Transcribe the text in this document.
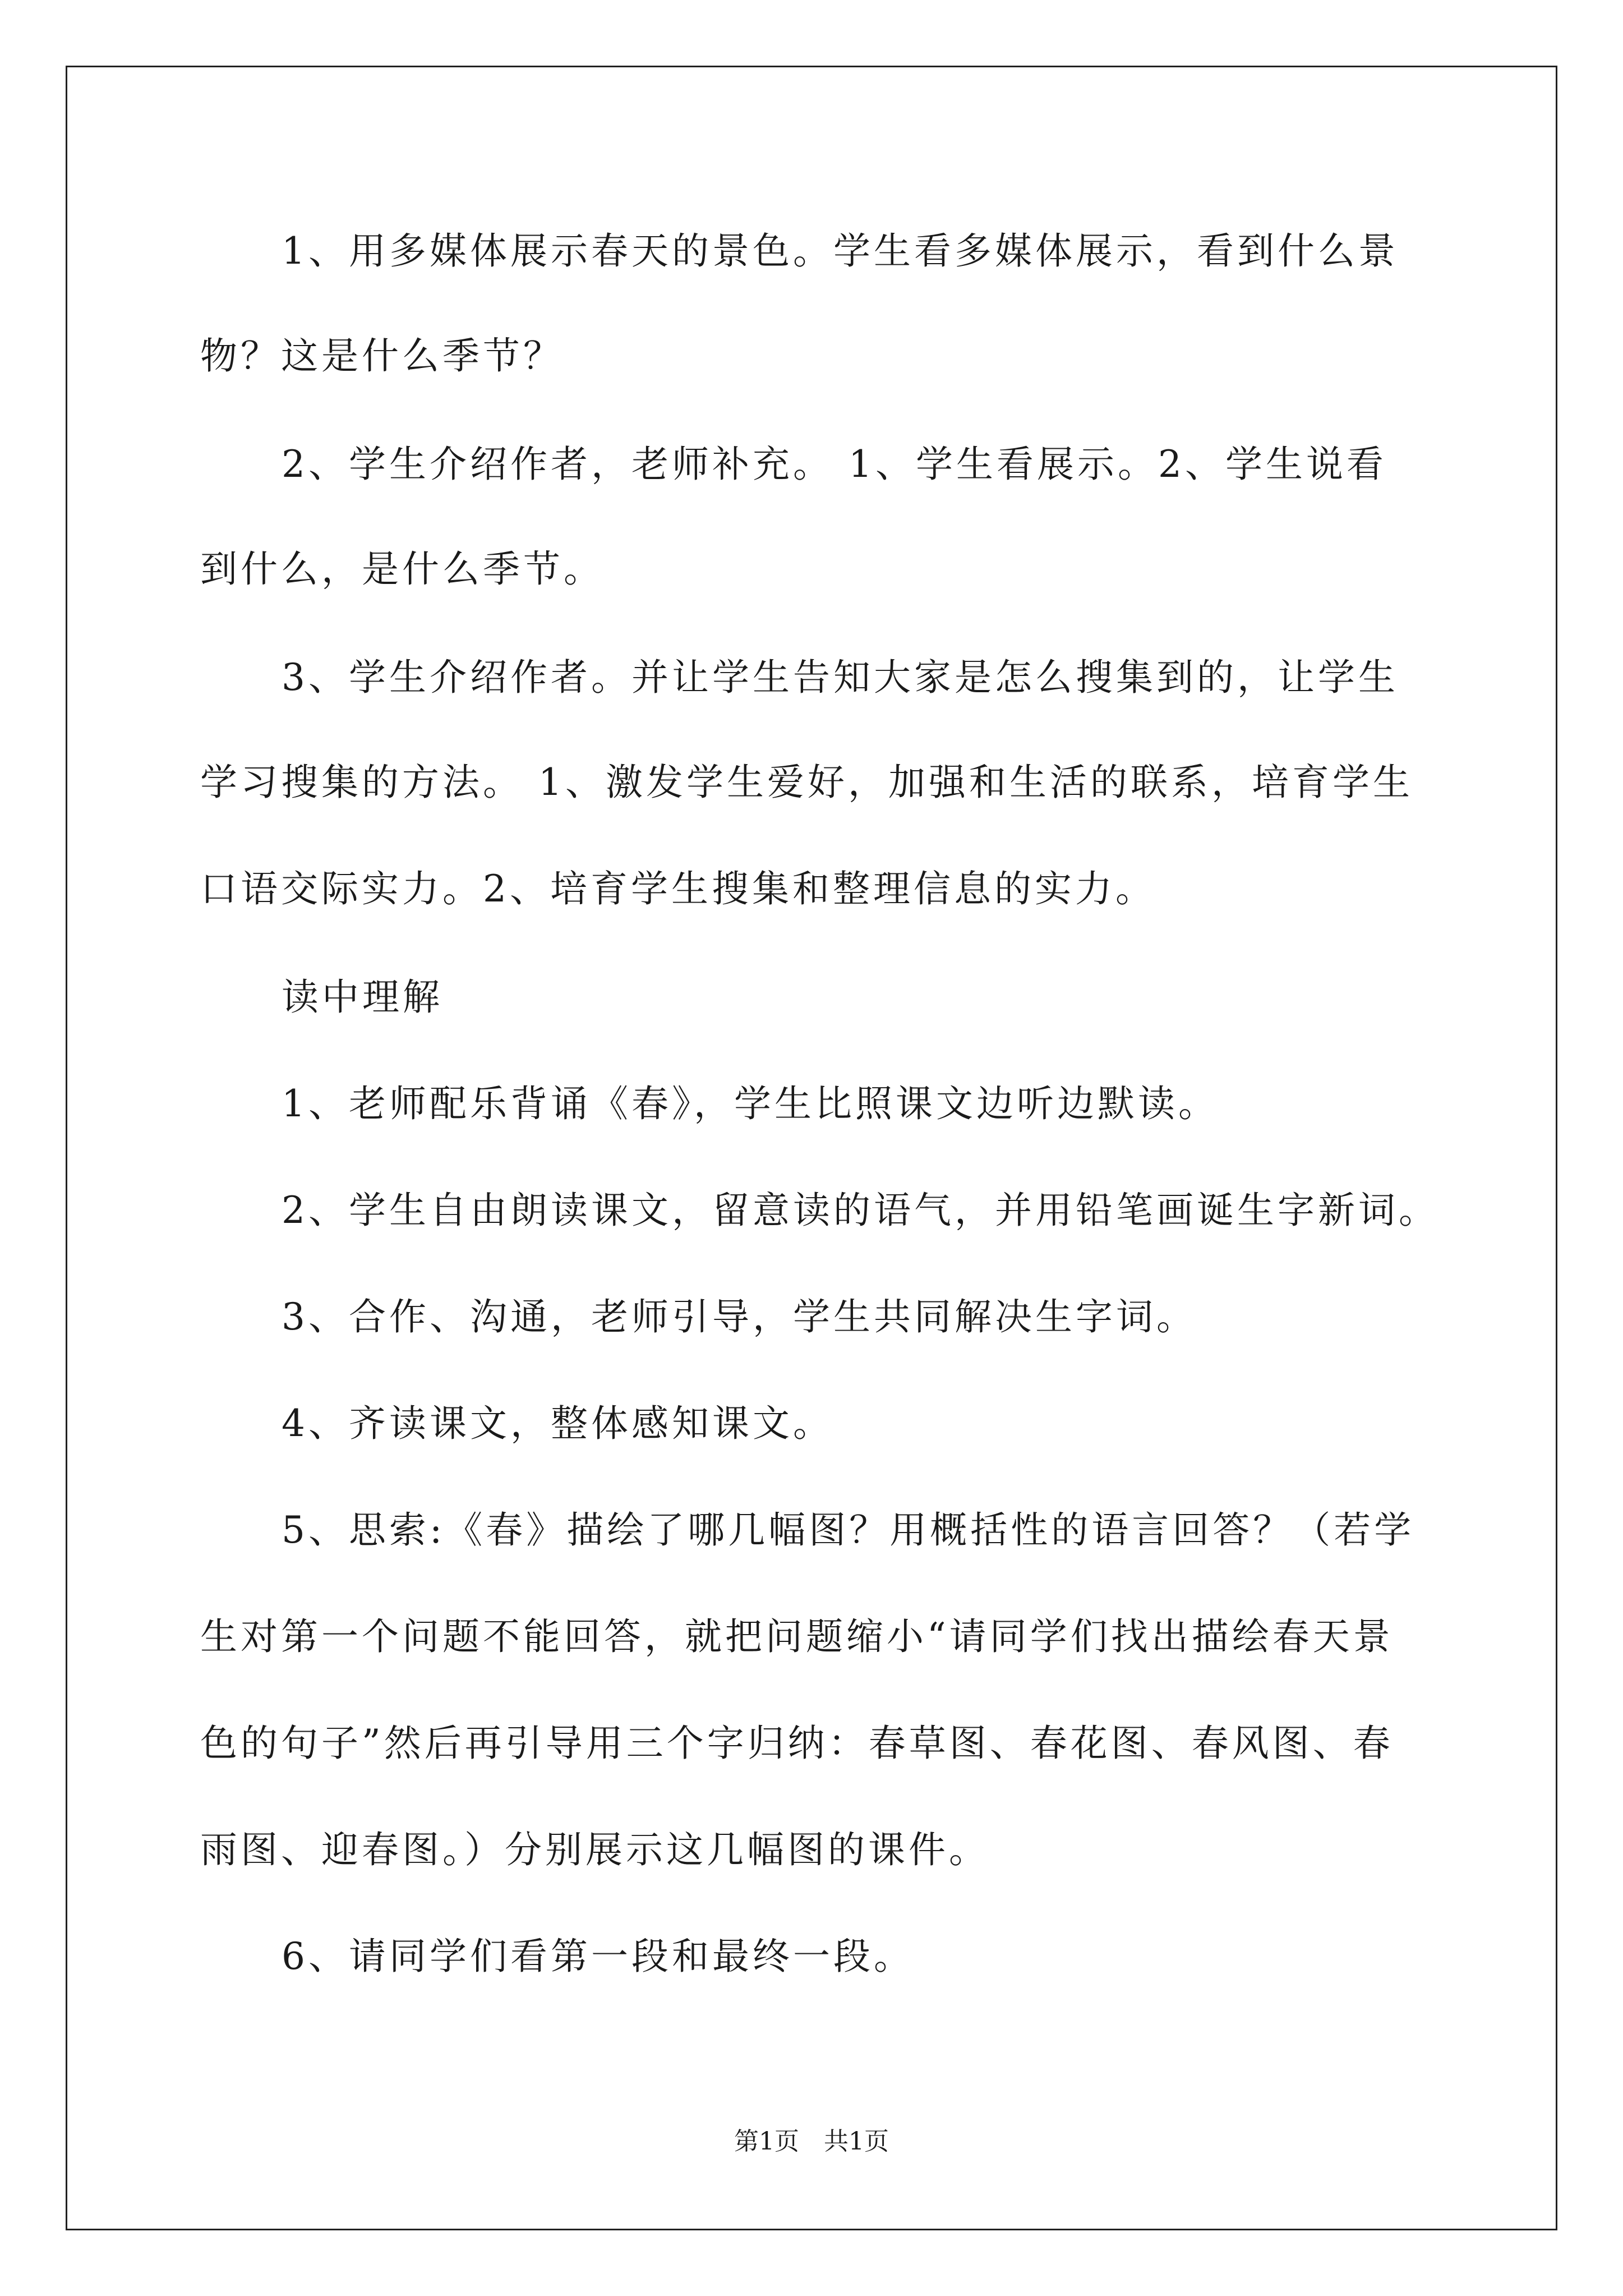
1、用多媒体展示春天的景色。学生看多媒体展示，看到什么景
物？这是什么季节？
2、学生介绍作者，老师补充。 1、学生看展示。2、学生说看
到什么，是什么季节。
3、学生介绍作者。并让学生告知大家是怎么搜集到的，让学生
学习搜集的方法。 1、激发学生爱好，加强和生活的联系，培育学生
口语交际实力。2、培育学生搜集和整理信息的实力。
读中理解
1、老师配乐背诵《春》，学生比照课文边听边默读。
2、学生自由朗读课文，留意读的语气，并用铅笔画诞生字新词。
3、合作、沟通，老师引导，学生共同解决生字词。
4、齐读课文，整体感知课文。
5、思索:《春》描绘了哪几幅图？用概括性的语言回答？（若学
生对第一个问题不能回答，就把问题缩小“请同学们找出描绘春天景
色的句子”然后再引导用三个字归纳：春草图、春花图、春风图、春
雨图、迎春图。）分别展示这几幅图的课件。
6、请同学们看第一段和最终一段。
第1页　共1页
